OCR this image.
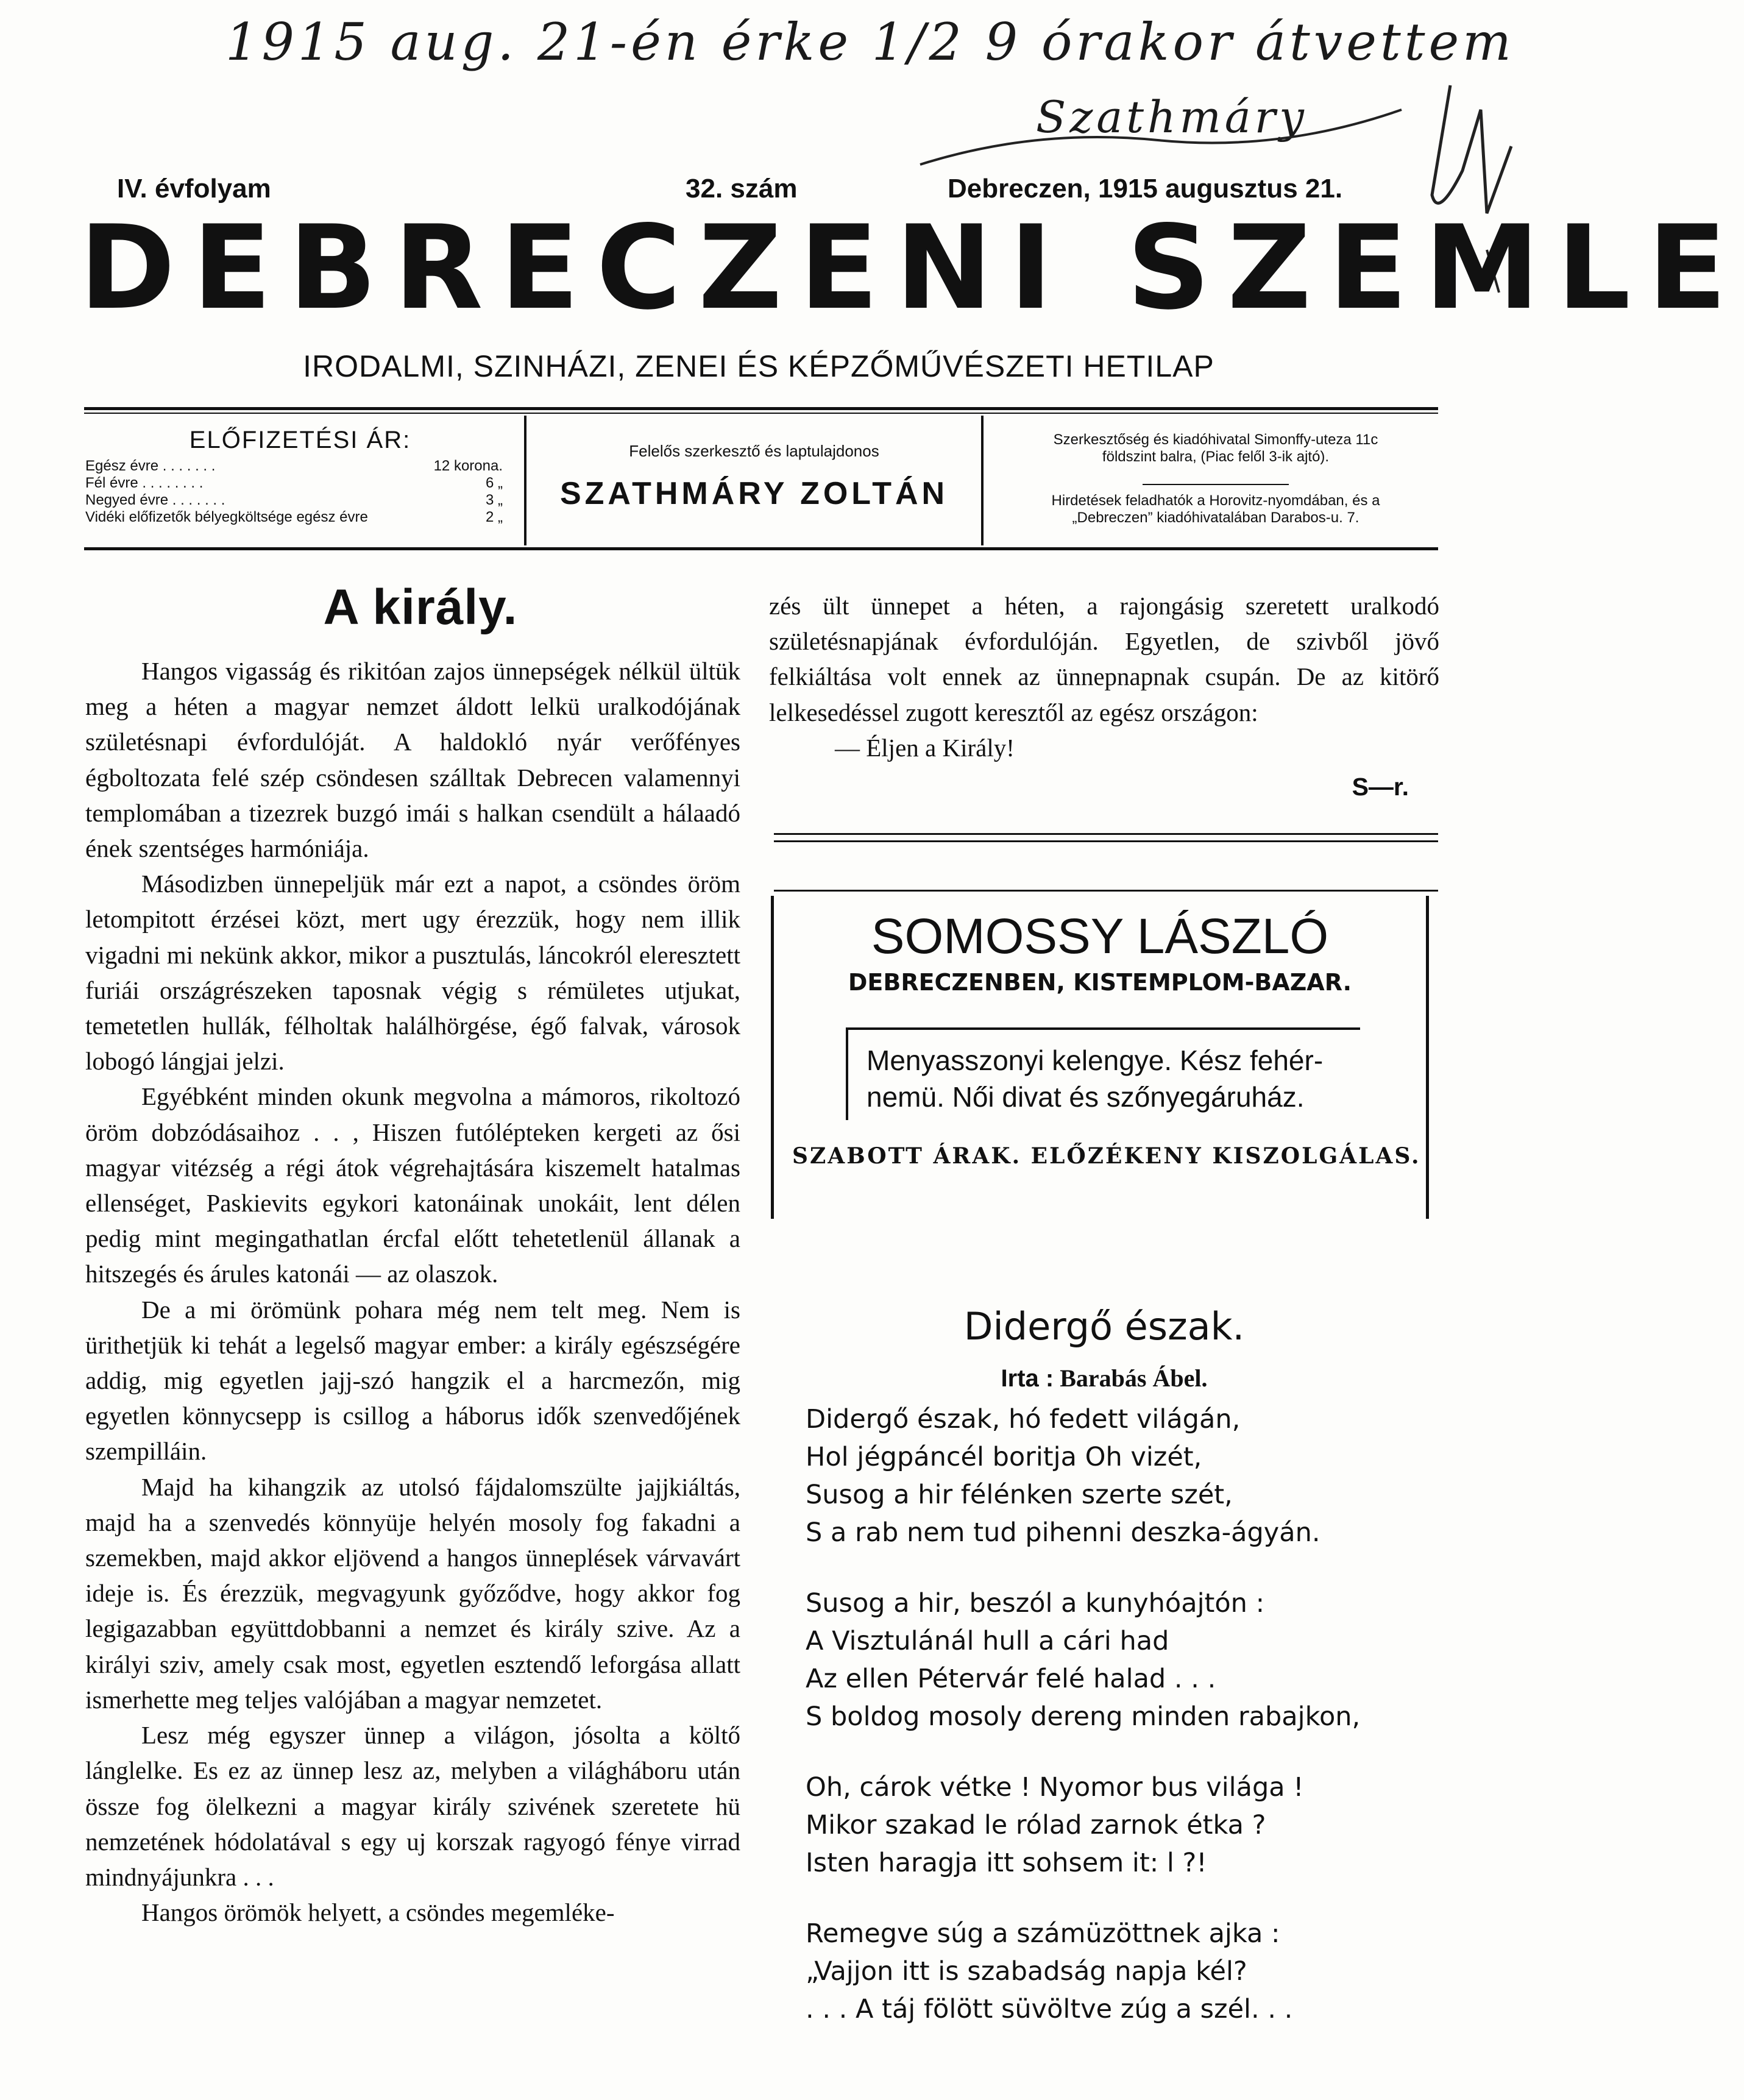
1915 aug. 21-én érke 1/2 9 órakor átvettem
Szathmáry
IV. évfolyam	32. szám	Debreczen, 1915 augusztus 21.
DEBRECZENI SZEMLE
IRODALMI, SZINHÁZI, ZENEI ÉS KÉPZŐMŰVÉSZETI HETILAP
ELŐFIZETÉSI ÁR:
Egész évre . . . . . . .	12 korona.
Fél évre . . . . . . . .	6 „
Negyed évre . . . . . . .	3 „
Vidéki előfizetők bélyegköltsége egész évre	2 „
Felelős szerkesztő és laptulajdonos
SZATHMÁRY ZOLTÁN
Szerkesztőség és kiadóhivatal Simonffy-uteza 11c
földszint balra, (Piac felől 3-ik ajtó).
Hirdetések feladhatók a Horovitz-nyomdában, és a
„Debreczen” kiadóhivatalában Darabos-u. 7.
A király.

Hangos vigasság és rikitóan zajos ünnepségek nélkül ültük meg a héten a magyar nemzet áldott lelkü uralkodójának születésnapi évfordulóját. A haldokló nyár verőfényes égboltozata felé szép csöndesen szálltak Debrecen valamennyi templomában a tizezrek buzgó imái s halkan csendült a hálaadó ének szentséges harmóniája.

Másodizben ünnepeljük már ezt a napot, a csöndes öröm letompitott érzései közt, mert ugy érezzük, hogy nem illik vigadni mi nekünk akkor, mikor a pusztulás, láncokról eleresztett furiái országrészeken taposnak végig s rémületes utjukat, temetetlen hullák, félholtak halálhörgése, égő falvak, városok lobogó lángjai jelzi.

Egyébként minden okunk megvolna a mámoros, rikoltozó öröm dobzódásaihoz . . , Hiszen futólépteken kergeti az ősi magyar vitézség a régi átok végrehajtására kiszemelt hatalmas ellenséget, Paskievits egykori katonáinak unokáit, lent délen pedig mint megingathatlan ércfal előtt tehetetlenül állanak a hitszegés és árules katonái — az olaszok.

De a mi örömünk pohara még nem telt meg. Nem is ürithetjük ki tehát a legelső magyar ember: a király egészségére addig, mig egyetlen jajj-szó hangzik el a harcmezőn, mig egyetlen könnycsepp is csillog a háborus idők szenvedőjének szempilláin.

Majd ha kihangzik az utolsó fájdalomszülte jajjkiáltás, majd ha a szenvedés könnyüje helyén mosoly fog fakadni a szemekben, majd akkor eljövend a hangos ünneplések várvavárt ideje is. És érezzük, megvagyunk győződve, hogy akkor fog legigazabban együttdobbanni a nemzet és király szive. Az a királyi sziv, amely csak most, egyetlen esztendő leforgása allatt ismerhette meg teljes valójában a magyar nemzetet.

Lesz még egyszer ünnep a világon, jósolta a költő lánglelke. Es ez az ünnep lesz az, melyben a világháboru után össze fog ölelkezni a magyar király szivének szeretete hü nemzetének hódolatával s egy uj korszak ragyogó fénye virrad mindnyájunkra . . .

Hangos örömök helyett, a csöndes megemléke-

zés ült ünnepet a héten, a rajongásig szeretett uralkodó születésnapjának évfordulóján. Egyetlen, de szivből jövő felkiáltása volt ennek az ünnepnapnak csupán. De az kitörő lelkesedéssel zugott keresztől az egész országon:

— Éljen a Király!

S—r.

SOMOSSY LÁSZLÓ
DEBRECZENBEN, KISTEMPLOM-BAZAR.
Menyasszonyi kelengye. Kész fehér-
nemü. Női divat és szőnyegáruház.
SZABOTT ÁRAK. ELŐZÉKENY KISZOLGÁLAS.
Didergő észak.
Irta : Barabás Ábel.
Didergő észak, hó fedett világán,
Hol jégpáncél boritja Oh vizét,
Susog a hir félénken szerte szét,
S a rab nem tud pihenni deszka-ágyán.
Susog a hir, beszól a kunyhóajtón :
A Visztulánál hull a cári had
Az ellen Pétervár felé halad . . .
S boldog mosoly dereng minden rabajkon,
Oh, cárok vétke ! Nyomor bus világa !
Mikor szakad le rólad zarnok étka ?
Isten haragja itt sohsem it: l ?!
Remegve súg a számüzöttnek ajka :
„Vajjon itt is szabadság napja kél?
. . . A táj fölött süvöltve zúg a szél. . .
